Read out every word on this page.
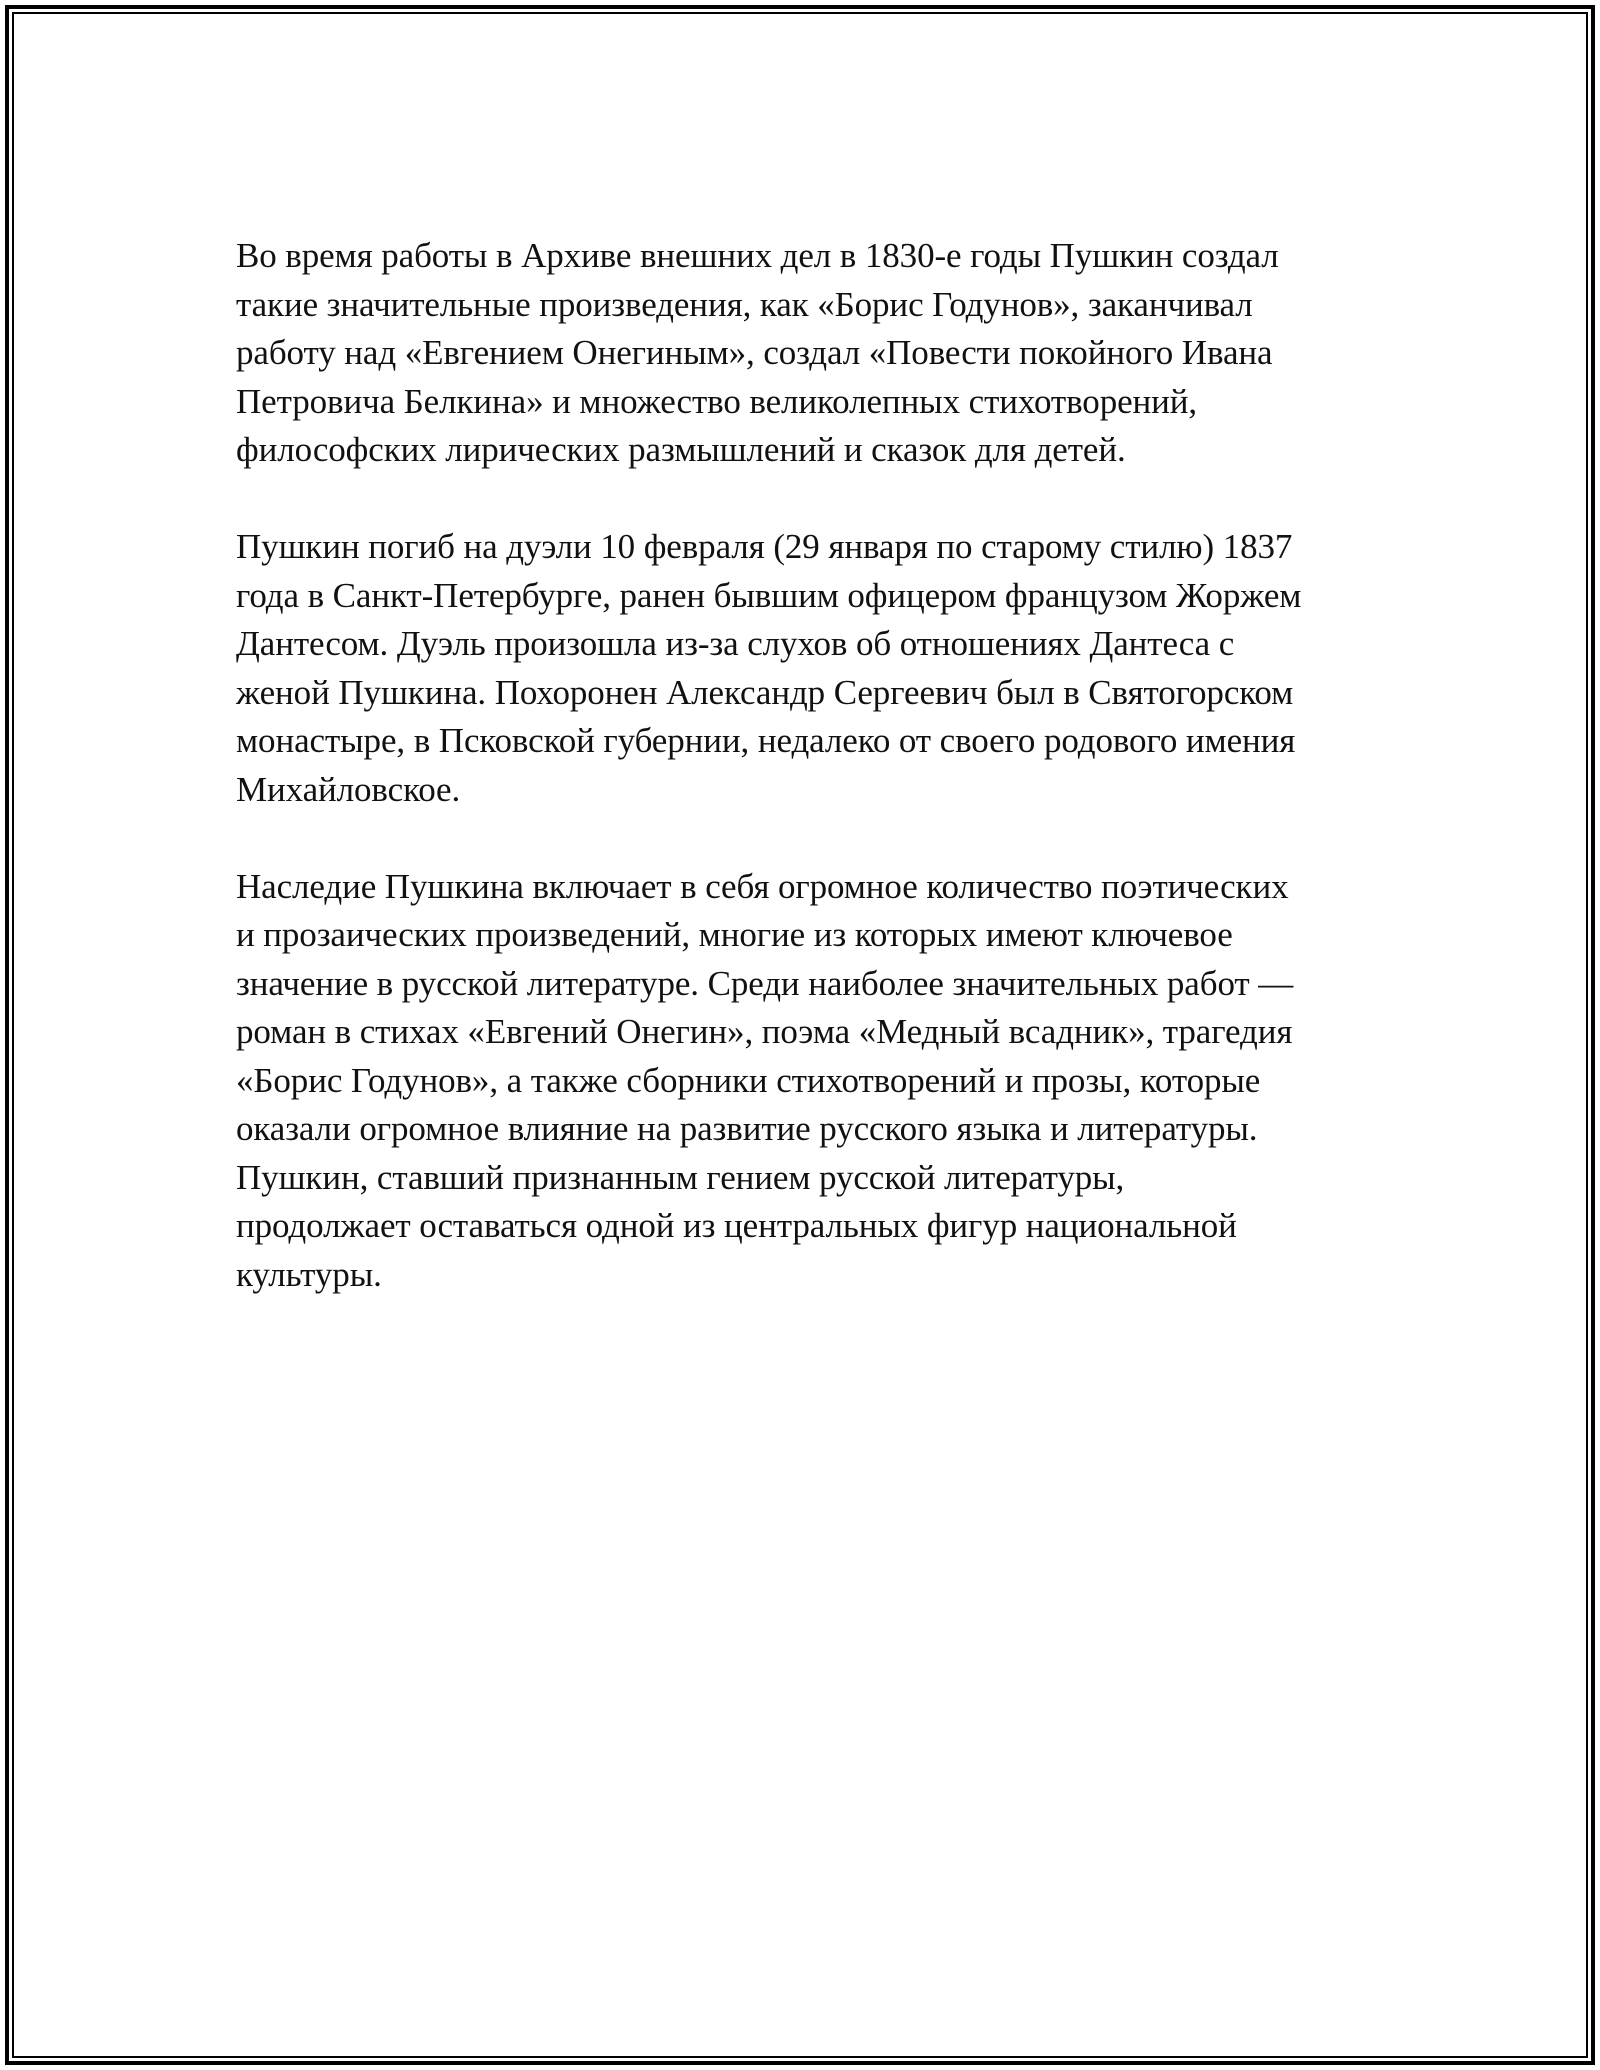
Во время работы в Архиве внешних дел в 1830-е годы Пушкин создал
такие значительные произведения, как «Борис Годунов», заканчивал
работу над «Евгением Онегиным», создал «Повести покойного Ивана
Петровича Белкина» и множество великолепных стихотворений,
философских лирических размышлений и сказок для детей.

Пушкин погиб на дуэли 10 февраля (29 января по старому стилю) 1837
года в Санкт-Петербурге, ранен бывшим офицером французом Жоржем
Дантесом. Дуэль произошла из-за слухов об отношениях Дантеса с
женой Пушкина. Похоронен Александр Сергеевич был в Святогорском
монастыре, в Псковской губернии, недалеко от своего родового имения
Михайловское.

Наследие Пушкина включает в себя огромное количество поэтических
и прозаических произведений, многие из которых имеют ключевое
значение в русской литературе. Среди наиболее значительных работ —
роман в стихах «Евгений Онегин», поэма «Медный всадник», трагедия
«Борис Годунов», а также сборники стихотворений и прозы, которые
оказали огромное влияние на развитие русского языка и литературы.
Пушкин, ставший признанным гением русской литературы,
продолжает оставаться одной из центральных фигур национальной
культуры.
